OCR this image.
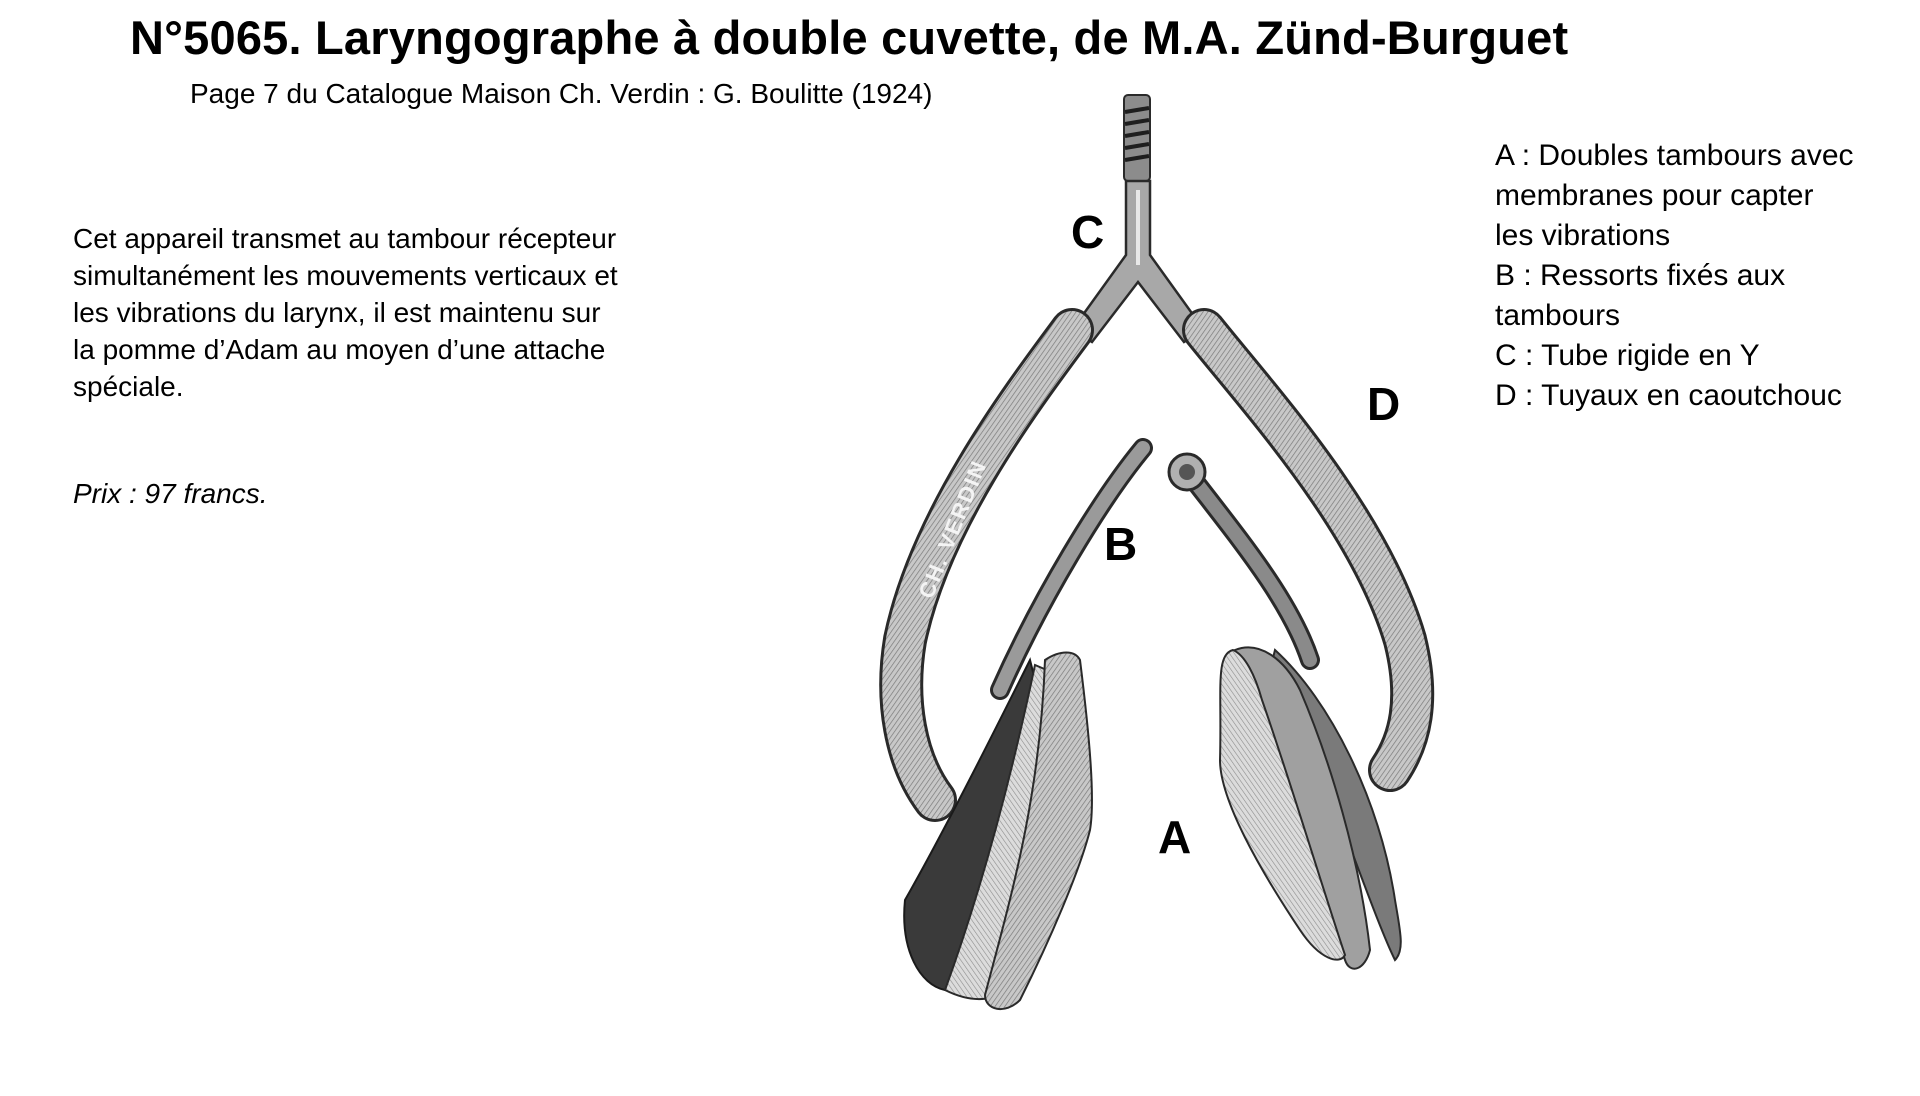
N°5065. Laryngographe à double cuvette, de M.A. Zünd-Burguet
Page 7 du Catalogue Maison Ch. Verdin : G. Boulitte (1924)
Cet appareil transmet au tambour récepteur
simultanément les mouvements verticaux et
les vibrations du larynx, il est maintenu sur
la pomme d’Adam au moyen d’une attache
spéciale.
Prix : 97 francs.
A : Doubles tambours avec
membranes pour capter
les vibrations
B : Ressorts fixés aux
tambours
C : Tube rigide en Y
D : Tuyaux en caoutchouc
CH. VERDIN
C
D
B
A
